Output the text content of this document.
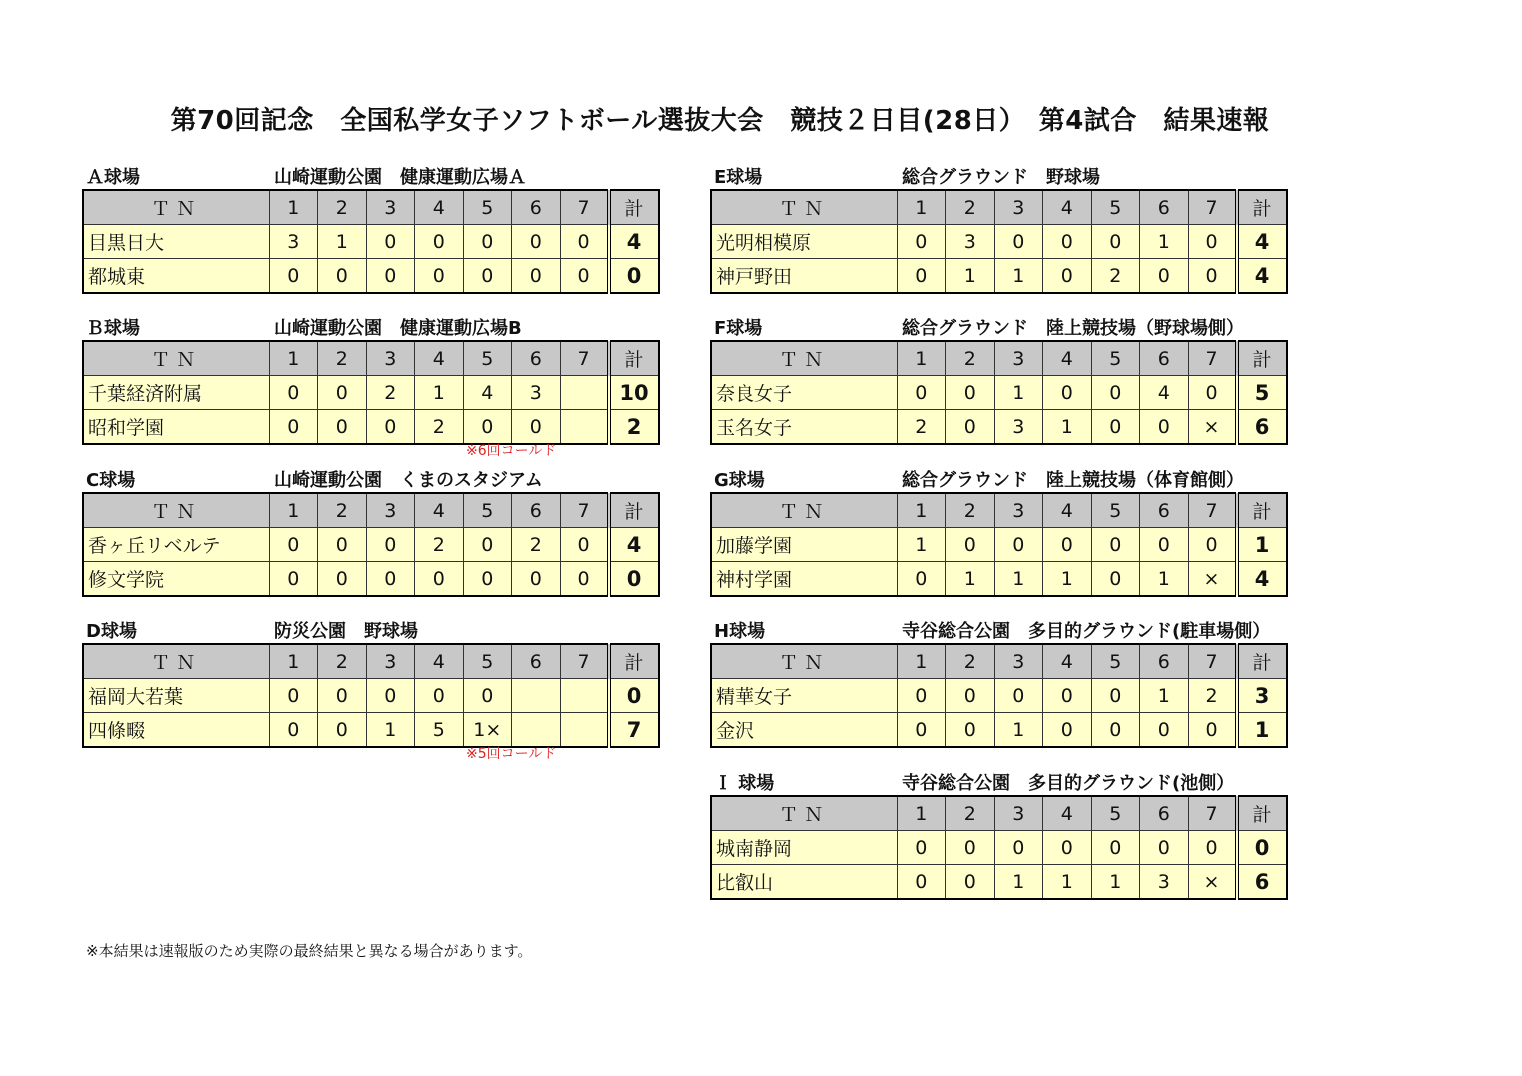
第70回記念　全国私学女子ソフトボール選抜大会　競技２日目(28日）　第4試合　結果速報
Ａ球場	山崎運動公園　健康運動広場Ａ
ＴＮ	1	2	3	4	5	6	7	計
目黒日大	3	1	0	0	0	0	0	4
都城東	0	0	0	0	0	0	0	0
E球場	総合グラウンド　野球場
ＴＮ	1	2	3	4	5	6	7	計
光明相模原	0	3	0	0	0	1	0	4
神戸野田	0	1	1	0	2	0	0	4
Ｂ球場	山崎運動公園　健康運動広場B
ＴＮ	1	2	3	4	5	6	7	計
千葉経済附属	0	0	2	1	4	3		10
昭和学園	0	0	0	2	0	0		2
※6回コールド
F球場	総合グラウンド　陸上競技場（野球場側）
ＴＮ	1	2	3	4	5	6	7	計
奈良女子	0	0	1	0	0	4	0	5
玉名女子	2	0	3	1	0	0	×	6
C球場	山崎運動公園　くまのスタジアム
ＴＮ	1	2	3	4	5	6	7	計
香ヶ丘リベルテ	0	0	0	2	0	2	0	4
修文学院	0	0	0	0	0	0	0	0
G球場	総合グラウンド　陸上競技場（体育館側）
ＴＮ	1	2	3	4	5	6	7	計
加藤学園	1	0	0	0	0	0	0	1
神村学園	0	1	1	1	0	1	×	4
D球場	防災公園　野球場
ＴＮ	1	2	3	4	5	6	7	計
福岡大若葉	0	0	0	0	0			0
四條畷	0	0	1	5	1×			7
※5回コールド
H球場	寺谷総合公園　多目的グラウンド(駐車場側）
ＴＮ	1	2	3	4	5	6	7	計
精華女子	0	0	0	0	0	1	2	3
金沢	0	0	1	0	0	0	0	1
Ｉ 球場	寺谷総合公園　多目的グラウンド(池側）
ＴＮ	1	2	3	4	5	6	7	計
城南静岡	0	0	0	0	0	0	0	0
比叡山	0	0	1	1	1	3	×	6
※本結果は速報版のため実際の最終結果と異なる場合があります。
